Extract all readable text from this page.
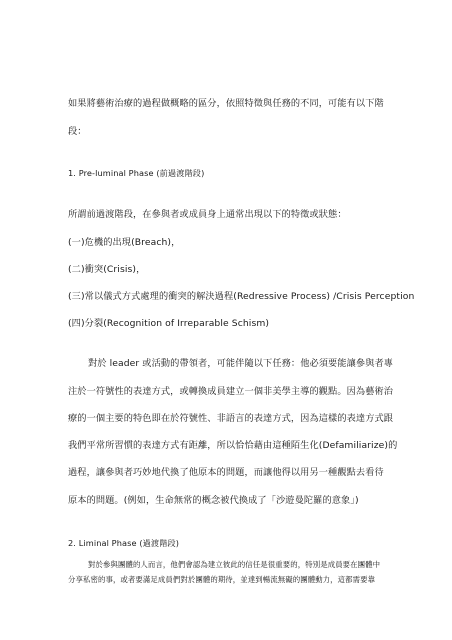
如果將藝術治療的過程做概略的區分，依照特徵與任務的不同，可能有以下階
段：
1. Pre-luminal Phase (前過渡階段)
所謂前過渡階段，在參與者或成員身上通常出現以下的特徵或狀態：
(一)危機的出現(Breach)，
(二)衝突(Crisis)，
(三)常以儀式方式處理的衝突的解決過程(Redressive Process) /Crisis Perception
(四)分裂(Recognition of Irreparable Schism)
對於 leader 或活動的帶領者，可能伴隨以下任務：他必須要能讓參與者專
注於一符號性的表達方式，或轉換成員建立一個非美學主導的觀點。因為藝術治
療的一個主要的特色即在於符號性、非語言的表達方式，因為這樣的表達方式跟
我們平常所習慣的表達方式有距離，所以恰恰藉由這種陌生化(Defamiliarize)的
過程，讓參與者巧妙地代換了他原本的問題，而讓他得以用另一種觀點去看待
原本的問題。(例如，生命無常的概念被代換成了「沙遊曼陀羅的意象」)
2. Liminal Phase (過渡階段)
對於參與團體的人而言，他們會認為建立彼此的信任是很重要的，特別是成員要在團體中
分享私密的事，或者要滿足成員們對於團體的期待，並達到暢流無礙的團體動力，這都需要靠
